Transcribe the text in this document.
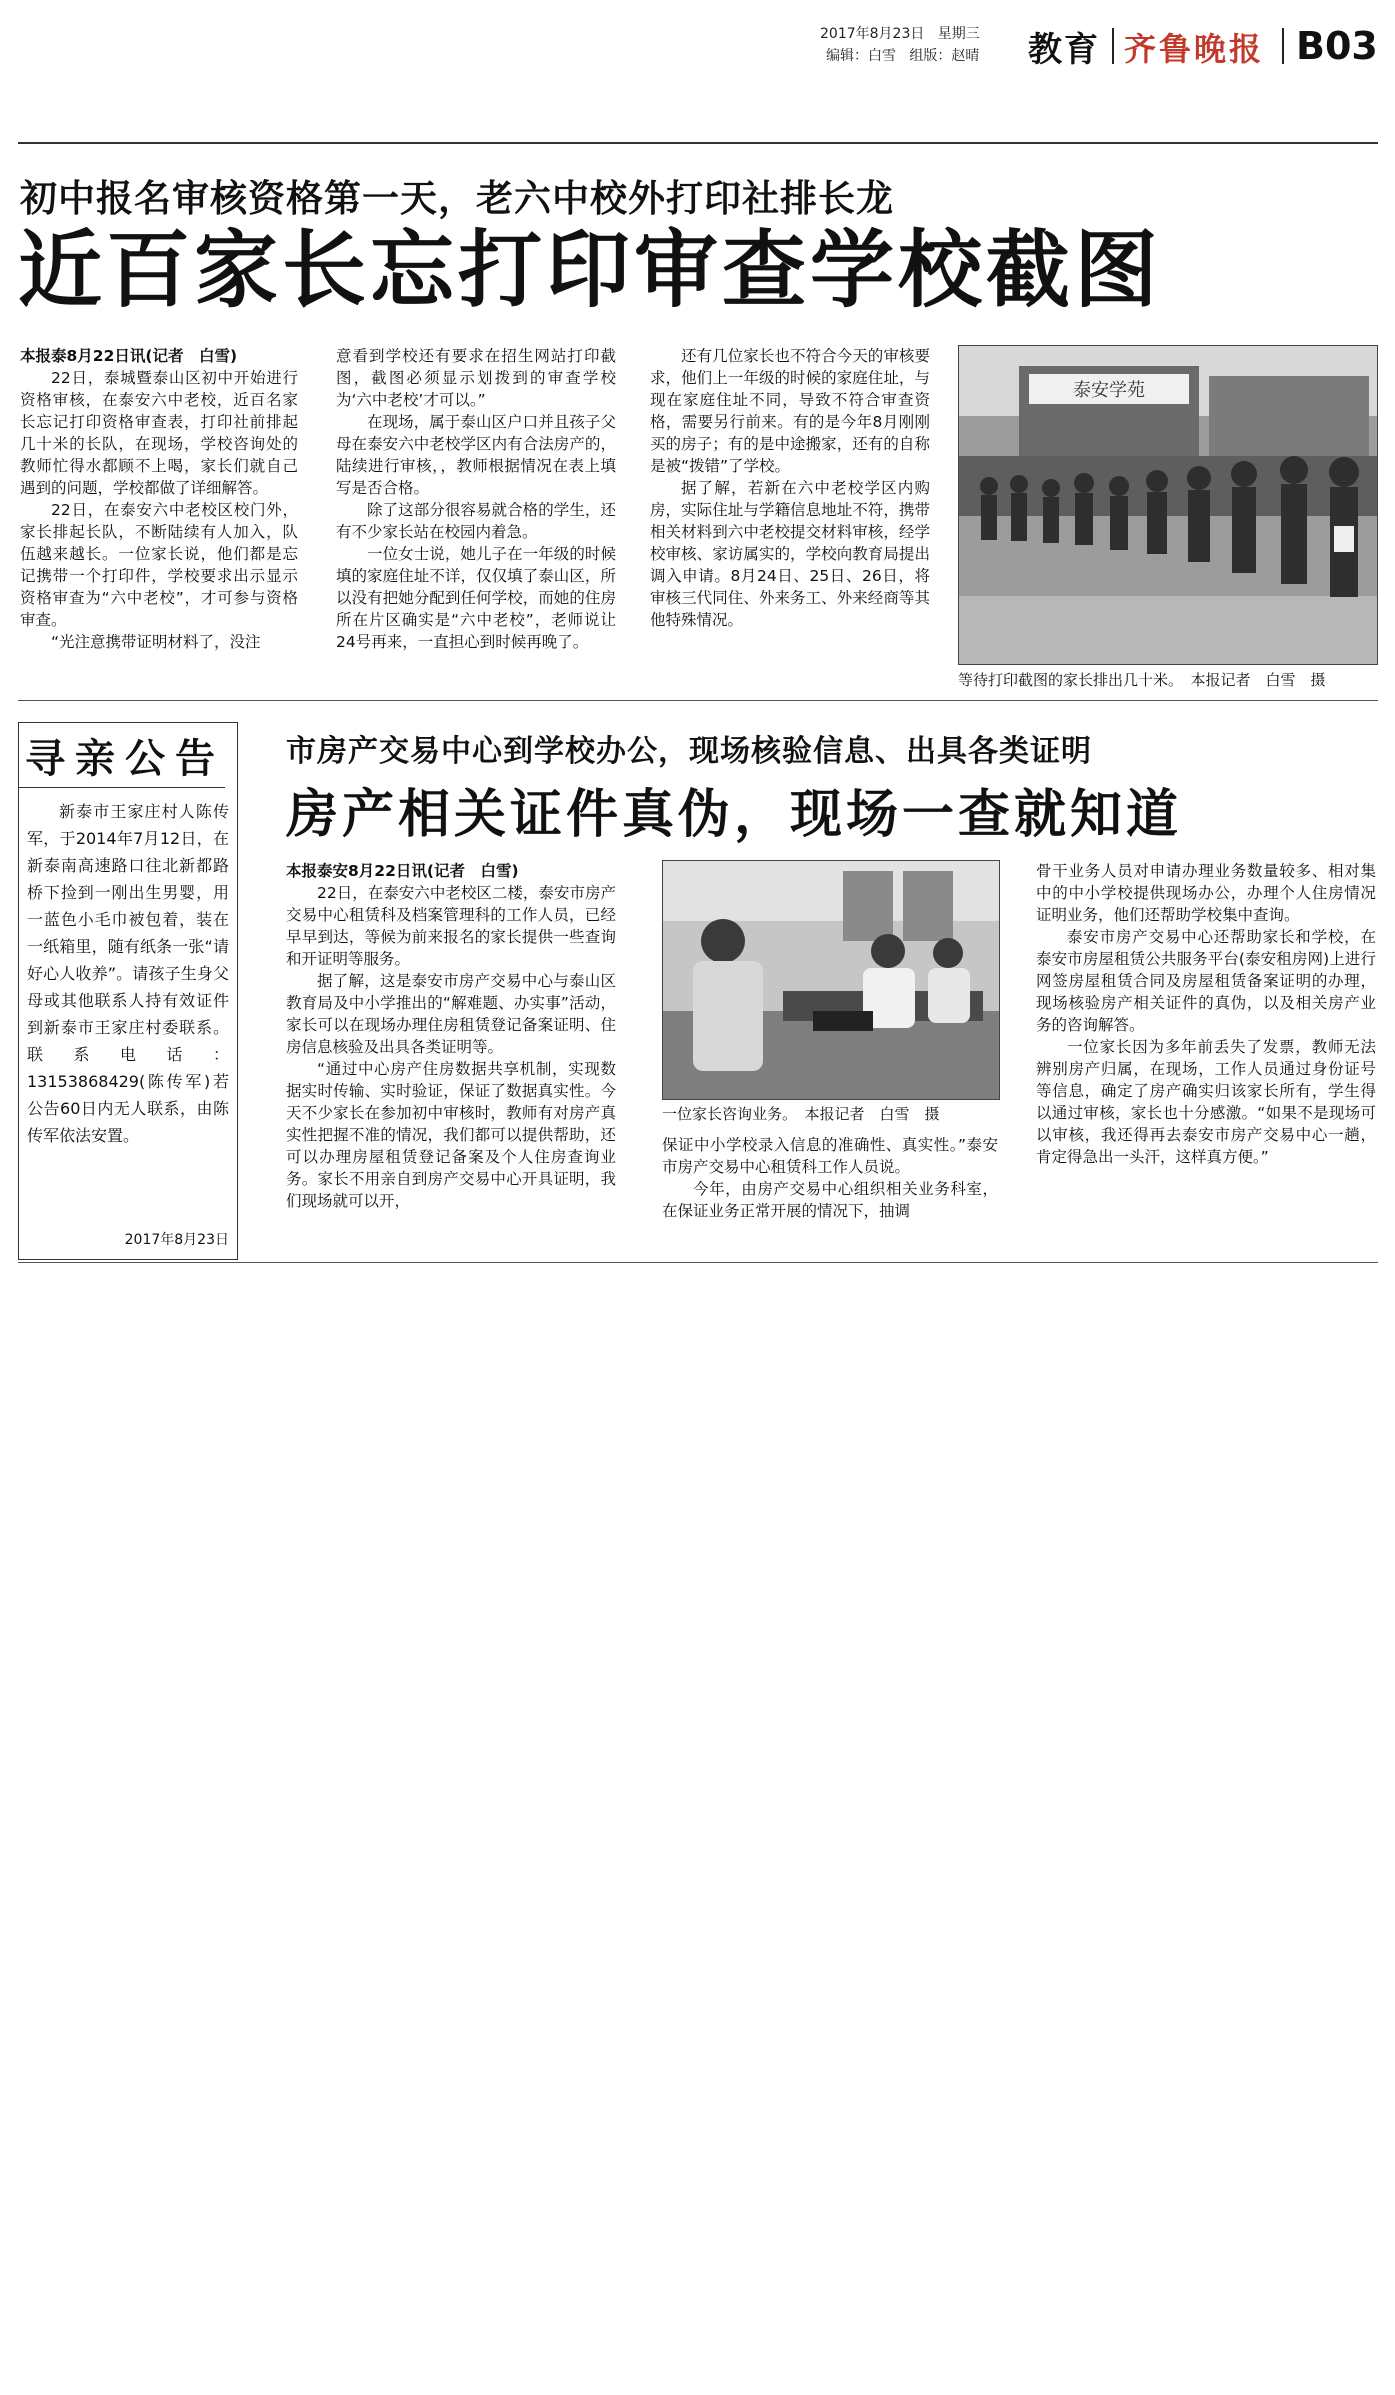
2017年8月23日 星期三
编辑：白雪 组版：赵晴 教育 齐鲁晚报 B03
初中报名审核资格第一天，老六中校外打印社排长龙
近百家长忘打印审查学校截图

本报泰8月22日讯(记者　白雪)

22日，泰城暨泰山区初中开始进行资格审核，在泰安六中老校，近百名家长忘记打印资格审查表，打印社前排起几十米的长队，在现场，学校咨询处的教师忙得水都顾不上喝，家长们就自己遇到的问题，学校都做了详细解答。

22日，在泰安六中老校区校门外，家长排起长队，不断陆续有人加入，队伍越来越长。一位家长说，他们都是忘记携带一个打印件，学校要求出示显示资格审查为“六中老校”，才可参与资格审查。

“光注意携带证明材料了，没注

意看到学校还有要求在招生网站打印截图，截图必须显示划拨到的审查学校为‘六中老校’才可以。”

在现场，属于泰山区户口并且孩子父母在泰安六中老校学区内有合法房产的，陆续进行审核，，教师根据情况在表上填写是否合格。

除了这部分很容易就合格的学生，还有不少家长站在校园内着急。

一位女士说，她儿子在一年级的时候填的家庭住址不详，仅仅填了泰山区，所以没有把她分配到任何学校，而她的住房所在片区确实是“六中老校”，老师说让24号再来，一直担心到时候再晚了。

还有几位家长也不符合今天的审核要求，他们上一年级的时候的家庭住址，与现在家庭住址不同，导致不符合审查资格，需要另行前来。有的是今年8月刚刚买的房子；有的是中途搬家，还有的自称是被“拨错”了学校。

据了解，若新在六中老校学区内购房，实际住址与学籍信息地址不符，携带相关材料到六中老校提交材料审核，经学校审核、家访属实的，学校向教育局提出调入申请。8月24日、25日、26日，将审核三代同住、外来务工、外来经商等其他特殊情况。

泰安学苑
等待打印截图的家长排出几十米。　本报记者　白雪　摄
寻亲公告

新泰市王家庄村人陈传军，于2014年7月12日，在新泰南高速路口往北新都路桥下捡到一刚出生男婴，用一蓝色小毛巾被包着，装在一纸箱里，随有纸条一张“请好心人收养”。请孩子生身父母或其他联系人持有效证件到新泰市王家庄村委联系。联系电话：13153868429(陈传军)若公告60日内无人联系，由陈传军依法安置。

2017年8月23日
市房产交易中心到学校办公，现场核验信息、出具各类证明
房产相关证件真伪，现场一查就知道

本报泰安8月22日讯(记者　白雪)

22日，在泰安六中老校区二楼，泰安市房产交易中心租赁科及档案管理科的工作人员，已经早早到达，等候为前来报名的家长提供一些查询和开证明等服务。

据了解，这是泰安市房产交易中心与泰山区教育局及中小学推出的“解难题、办实事”活动，家长可以在现场办理住房租赁登记备案证明、住房信息核验及出具各类证明等。

“通过中心房产住房数据共享机制，实现数据实时传输、实时验证，保证了数据真实性。今天不少家长在参加初中审核时，教师有对房产真实性把握不准的情况，我们都可以提供帮助，还可以办理房屋租赁登记备案及个人住房查询业务。家长不用亲自到房产交易中心开具证明，我们现场就可以开，

一位家长咨询业务。　本报记者　白雪　摄

保证中小学校录入信息的准确性、真实性。”泰安市房产交易中心租赁科工作人员说。

今年，由房产交易中心组织相关业务科室，在保证业务正常开展的情况下，抽调

骨干业务人员对申请办理业务数量较多、相对集中的中小学校提供现场办公，办理个人住房情况证明业务，他们还帮助学校集中查询。

泰安市房产交易中心还帮助家长和学校，在泰安市房屋租赁公共服务平台(泰安租房网)上进行网签房屋租赁合同及房屋租赁备案证明的办理，现场核验房产相关证件的真伪，以及相关房产业务的咨询解答。

一位家长因为多年前丢失了发票，教师无法辨别房产归属，在现场，工作人员通过身份证号等信息，确定了房产确实归该家长所有，学生得以通过审核，家长也十分感激。“如果不是现场可以审核，我还得再去泰安市房产交易中心一趟，肯定得急出一头汗，这样真方便。”
